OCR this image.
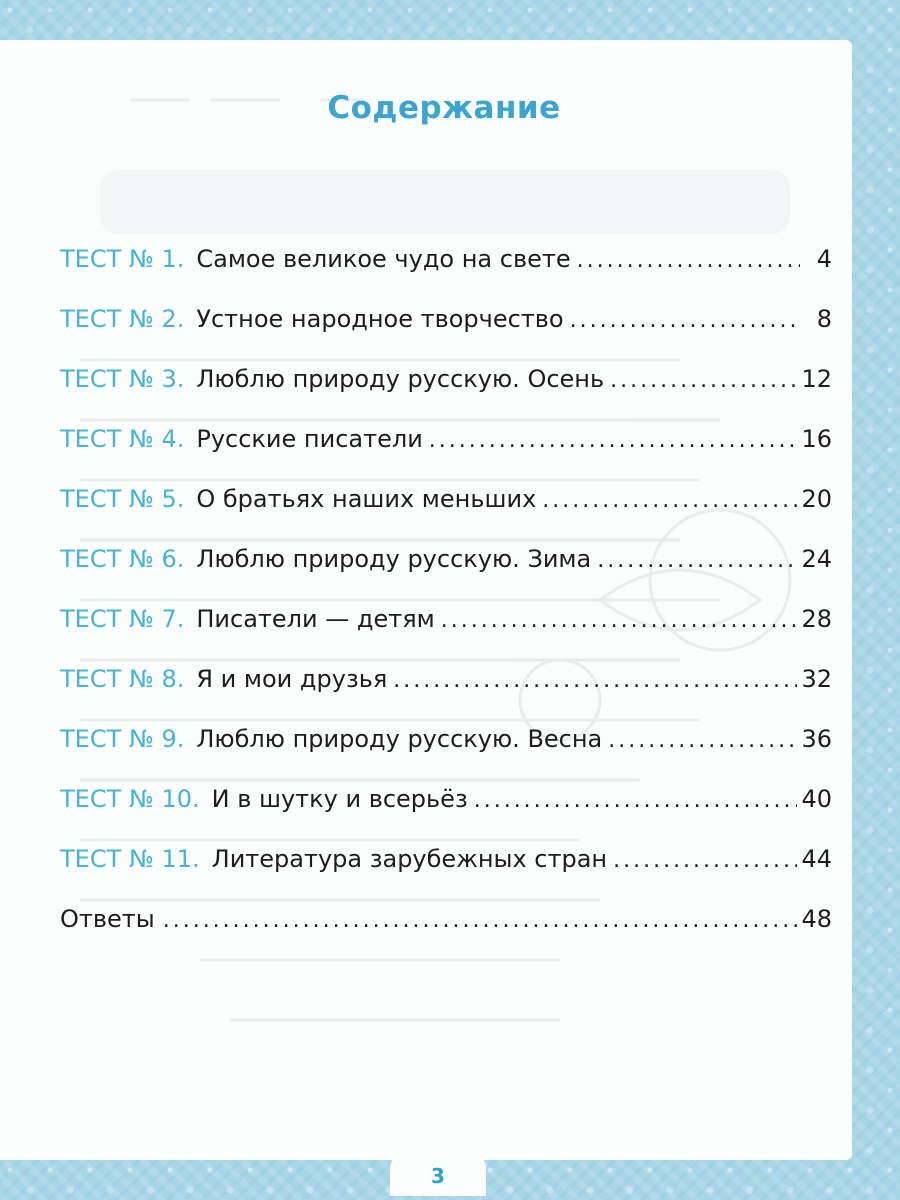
Содержание
ТЕСТ № 1. Самое великое чудо на свете .....	4
ТЕСТ № 2. Устное народное творчество .....	8
ТЕСТ № 3. Люблю природу русскую. Осень .....	12
ТЕСТ № 4. Русские писатели .....	16
ТЕСТ № 5. О братьях наших меньших .....	20
ТЕСТ № 6. Люблю природу русскую. Зима .....	24
ТЕСТ № 7. Писатели — детям .....	28
ТЕСТ № 8. Я и мои друзья .....	32
ТЕСТ № 9. Люблю природу русскую. Весна .....	36
ТЕСТ № 10. И в шутку и всерьёз .....	40
ТЕСТ № 11. Литература зарубежных стран .....	44
Ответы .....	48
3
